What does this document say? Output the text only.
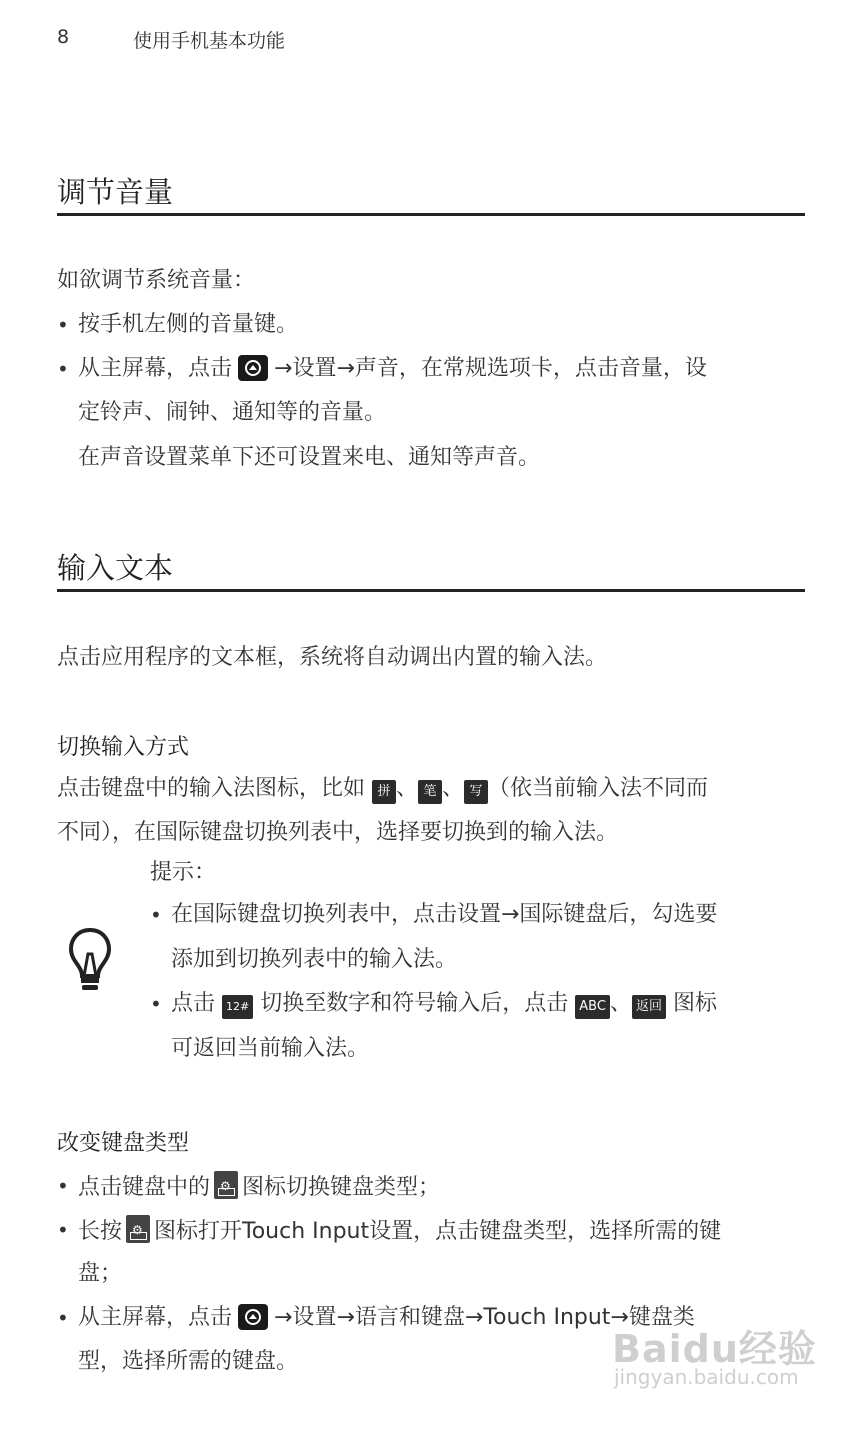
8	使用手机基本功能
调节音量
如欲调节系统音量：
• 按手机左侧的音量键。
• 从主屏幕，点击 →设置→声音，在常规选项卡，点击音量，设
定铃声、闹钟、通知等的音量。
在声音设置菜单下还可设置来电、通知等声音。
输入文本
点击应用程序的文本框，系统将自动调出内置的输入法。
切换输入方式
点击键盘中的输入法图标，比如 拼 、 笔 、 写 （依当前输入法不同而
不同），在国际键盘切换列表中，选择要切换到的输入法。
提示：
• 在国际键盘切换列表中，点击设置→国际键盘后，勾选要
添加到切换列表中的输入法。
• 点击 12# 切换至数字和符号输入后，点击 ABC 、 返回 图标
可返回当前输入法。
改变键盘类型
• 点击键盘中的 ⚙ 图标切换键盘类型；
• 长按 ⚙ 图标打开Touch Input设置，点击键盘类型，选择所需的键
盘；
• 从主屏幕，点击 →设置→语言和键盘→Touch Input→键盘类
型，选择所需的键盘。	Baidu经验
jingyan.baidu.com
